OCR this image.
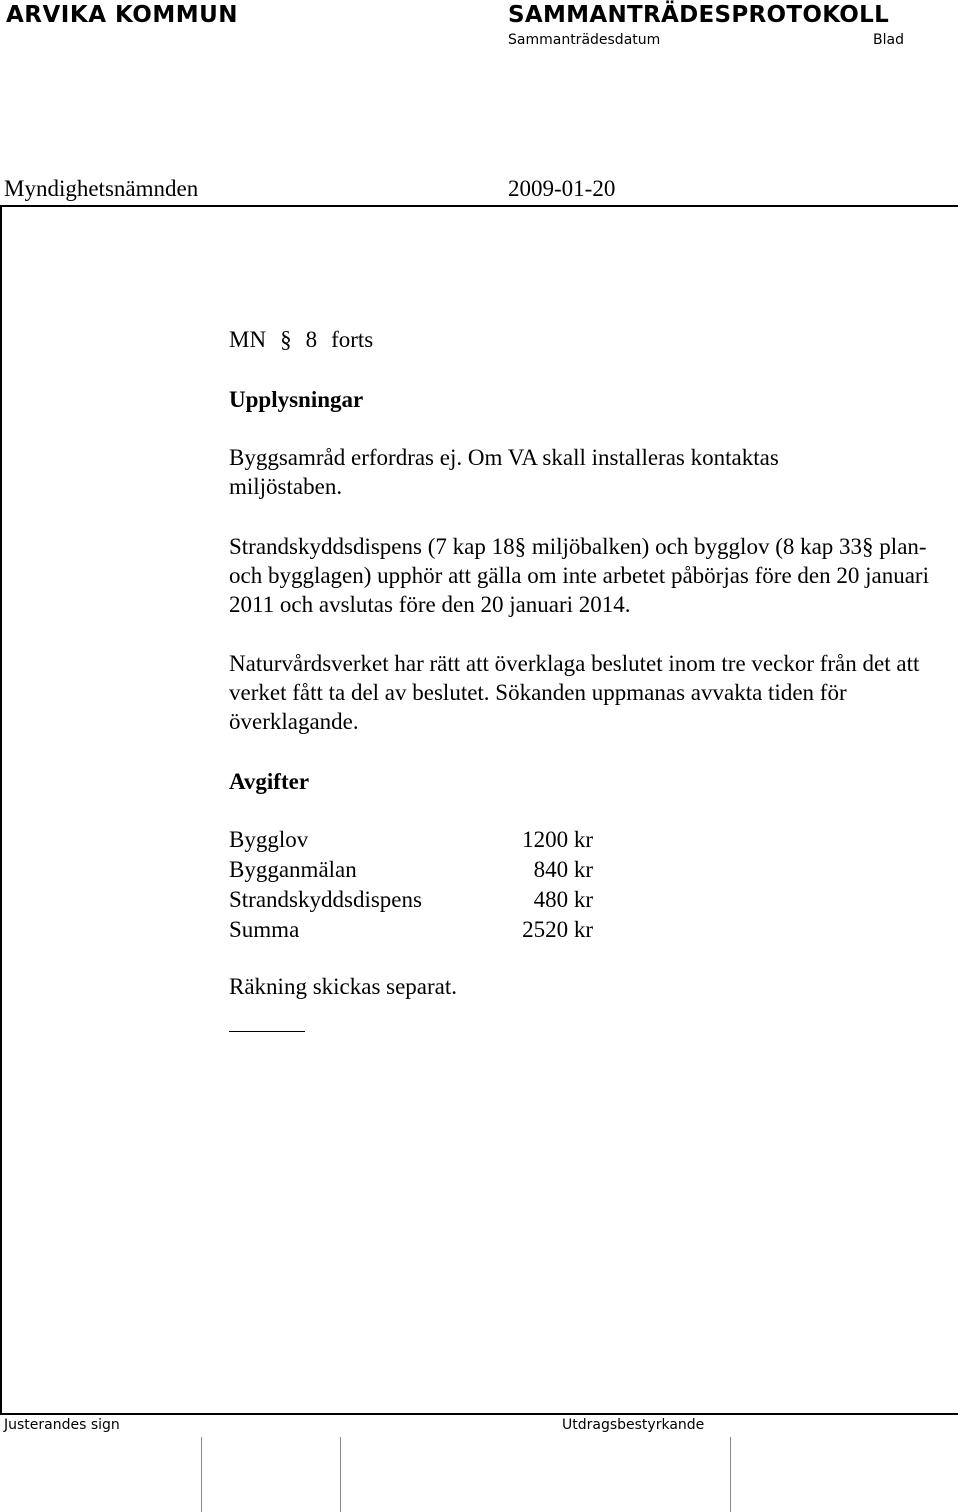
ARVIKA KOMMUN	SAMMANTRÄDESPROTOKOLL
Sammanträdesdatum	Blad
Myndighetsnämnden	2009-01-20
MN § 8 forts
Upplysningar
Byggsamråd erfordras ej. Om VA skall installeras kontaktas miljöstaben.
Strandskyddsdispens (7 kap 18§ miljöbalken) och bygglov (8 kap 33§ plan- och bygglagen) upphör att gälla om inte arbetet påbörjas före den 20 januari 2011 och avslutas före den 20 januari 2014.
Naturvårdsverket har rätt att överklaga beslutet inom tre veckor från det att verket fått ta del av beslutet. Sökanden uppmanas avvakta tiden för överklagande.
Avgifter
Bygglov	1200 kr
Bygganmälan	840 kr
Strandskyddsdispens	480 kr
Summa	2520 kr
Räkning skickas separat.
Justerandes sign	Utdragsbestyrkande
